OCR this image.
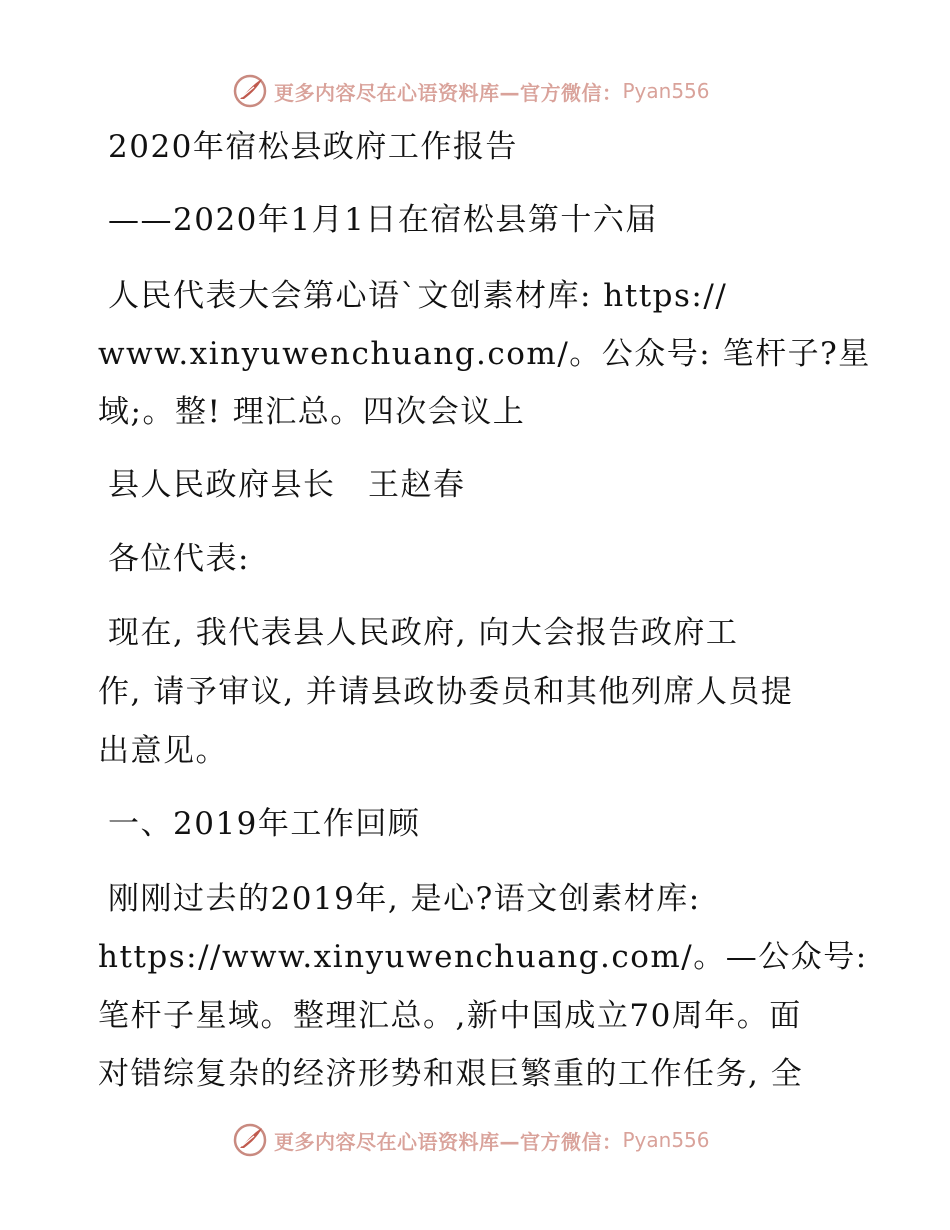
更多内容尽在心语资料库—官方微信： Pyan556
2020年宿松县政府工作报告
——2020年1月1日在宿松县第十六届
人民代表大会第心语`文创素材库: https://
www.xinyuwenchuang.com/。公众号: 笔杆子?星
域;。整! 理汇总。四次会议上
县人民政府县长　王赵春
各位代表:
现在, 我代表县人民政府, 向大会报告政府工
作, 请予审议, 并请县政协委员和其他列席人员提
出意见。
一、2019年工作回顾
刚刚过去的2019年, 是心?语文创素材库:
https://www.xinyuwenchuang.com/。—公众号:
笔杆子星域。整理汇总。,新中国成立70周年。面
对错综复杂的经济形势和艰巨繁重的工作任务, 全
更多内容尽在心语资料库—官方微信： Pyan556
